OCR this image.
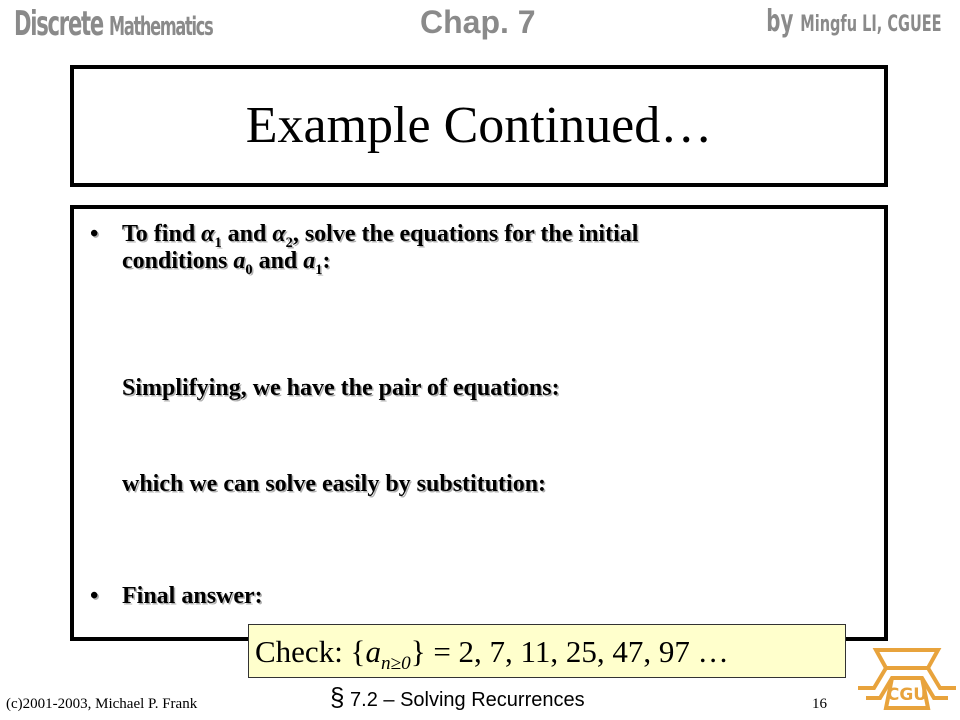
Discrete Mathematics	Chap. 7	by Mingfu LI, CGUEE
Example Continued…
• To find $\alpha_1$ and $\alpha_2$, solve the equations for the initial
conditions $a_0$ and $a_1$:
Simplifying, we have the pair of equations:
which we can solve easily by substitution:
• Final answer:
Check: $\{a_{n\ge 0}\} = 2$, 7, 11, 25, 47, 97 …
(c)2001-2003, Michael P. Frank	§ 7.2 – Solving Recurrences	16	CGU
